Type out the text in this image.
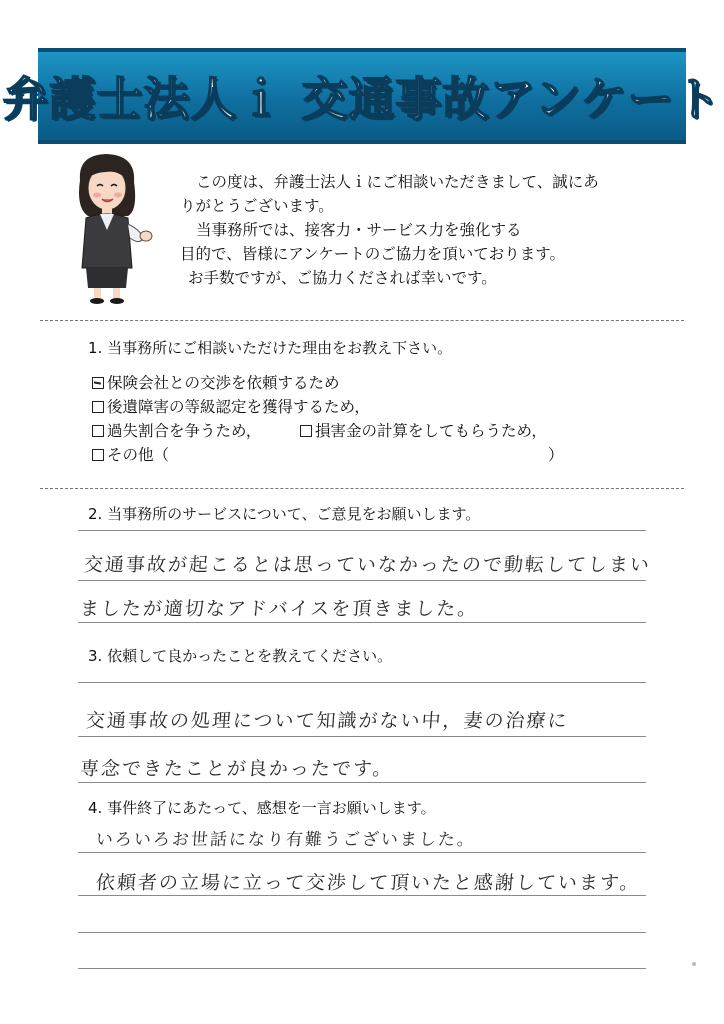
弁護士法人ｉ 交通事故アンケート

この度は、弁護士法人ｉにご相談いただきまして、誠にあ

りがとうございます。

当事務所では、接客力・サービス力を強化する

目的で、皆様にアンケートのご協力を頂いております。

お手数ですが、ご協力くだされば幸いです。

1. 当事務所にご相談いただけた理由をお教え下さい。
保険会社との交渉を依頼するため
後遺障害の等級認定を獲得するため，
過失割合を争うため，	損害金の計算をしてもらうため，
その他（	）
2. 当事務所のサービスについて、ご意見をお願いします。
交通事故が起こるとは思っていなかったので動転してしまい
ましたが適切なアドバイスを頂きました。
3. 依頼して良かったことを教えてください。
交通事故の処理について知識がない中，妻の治療に
専念できたことが良かったです。
4. 事件終了にあたって、感想を一言お願いします。
いろいろお世話になり有難うございました。
依頼者の立場に立って交渉して頂いたと感謝しています。
